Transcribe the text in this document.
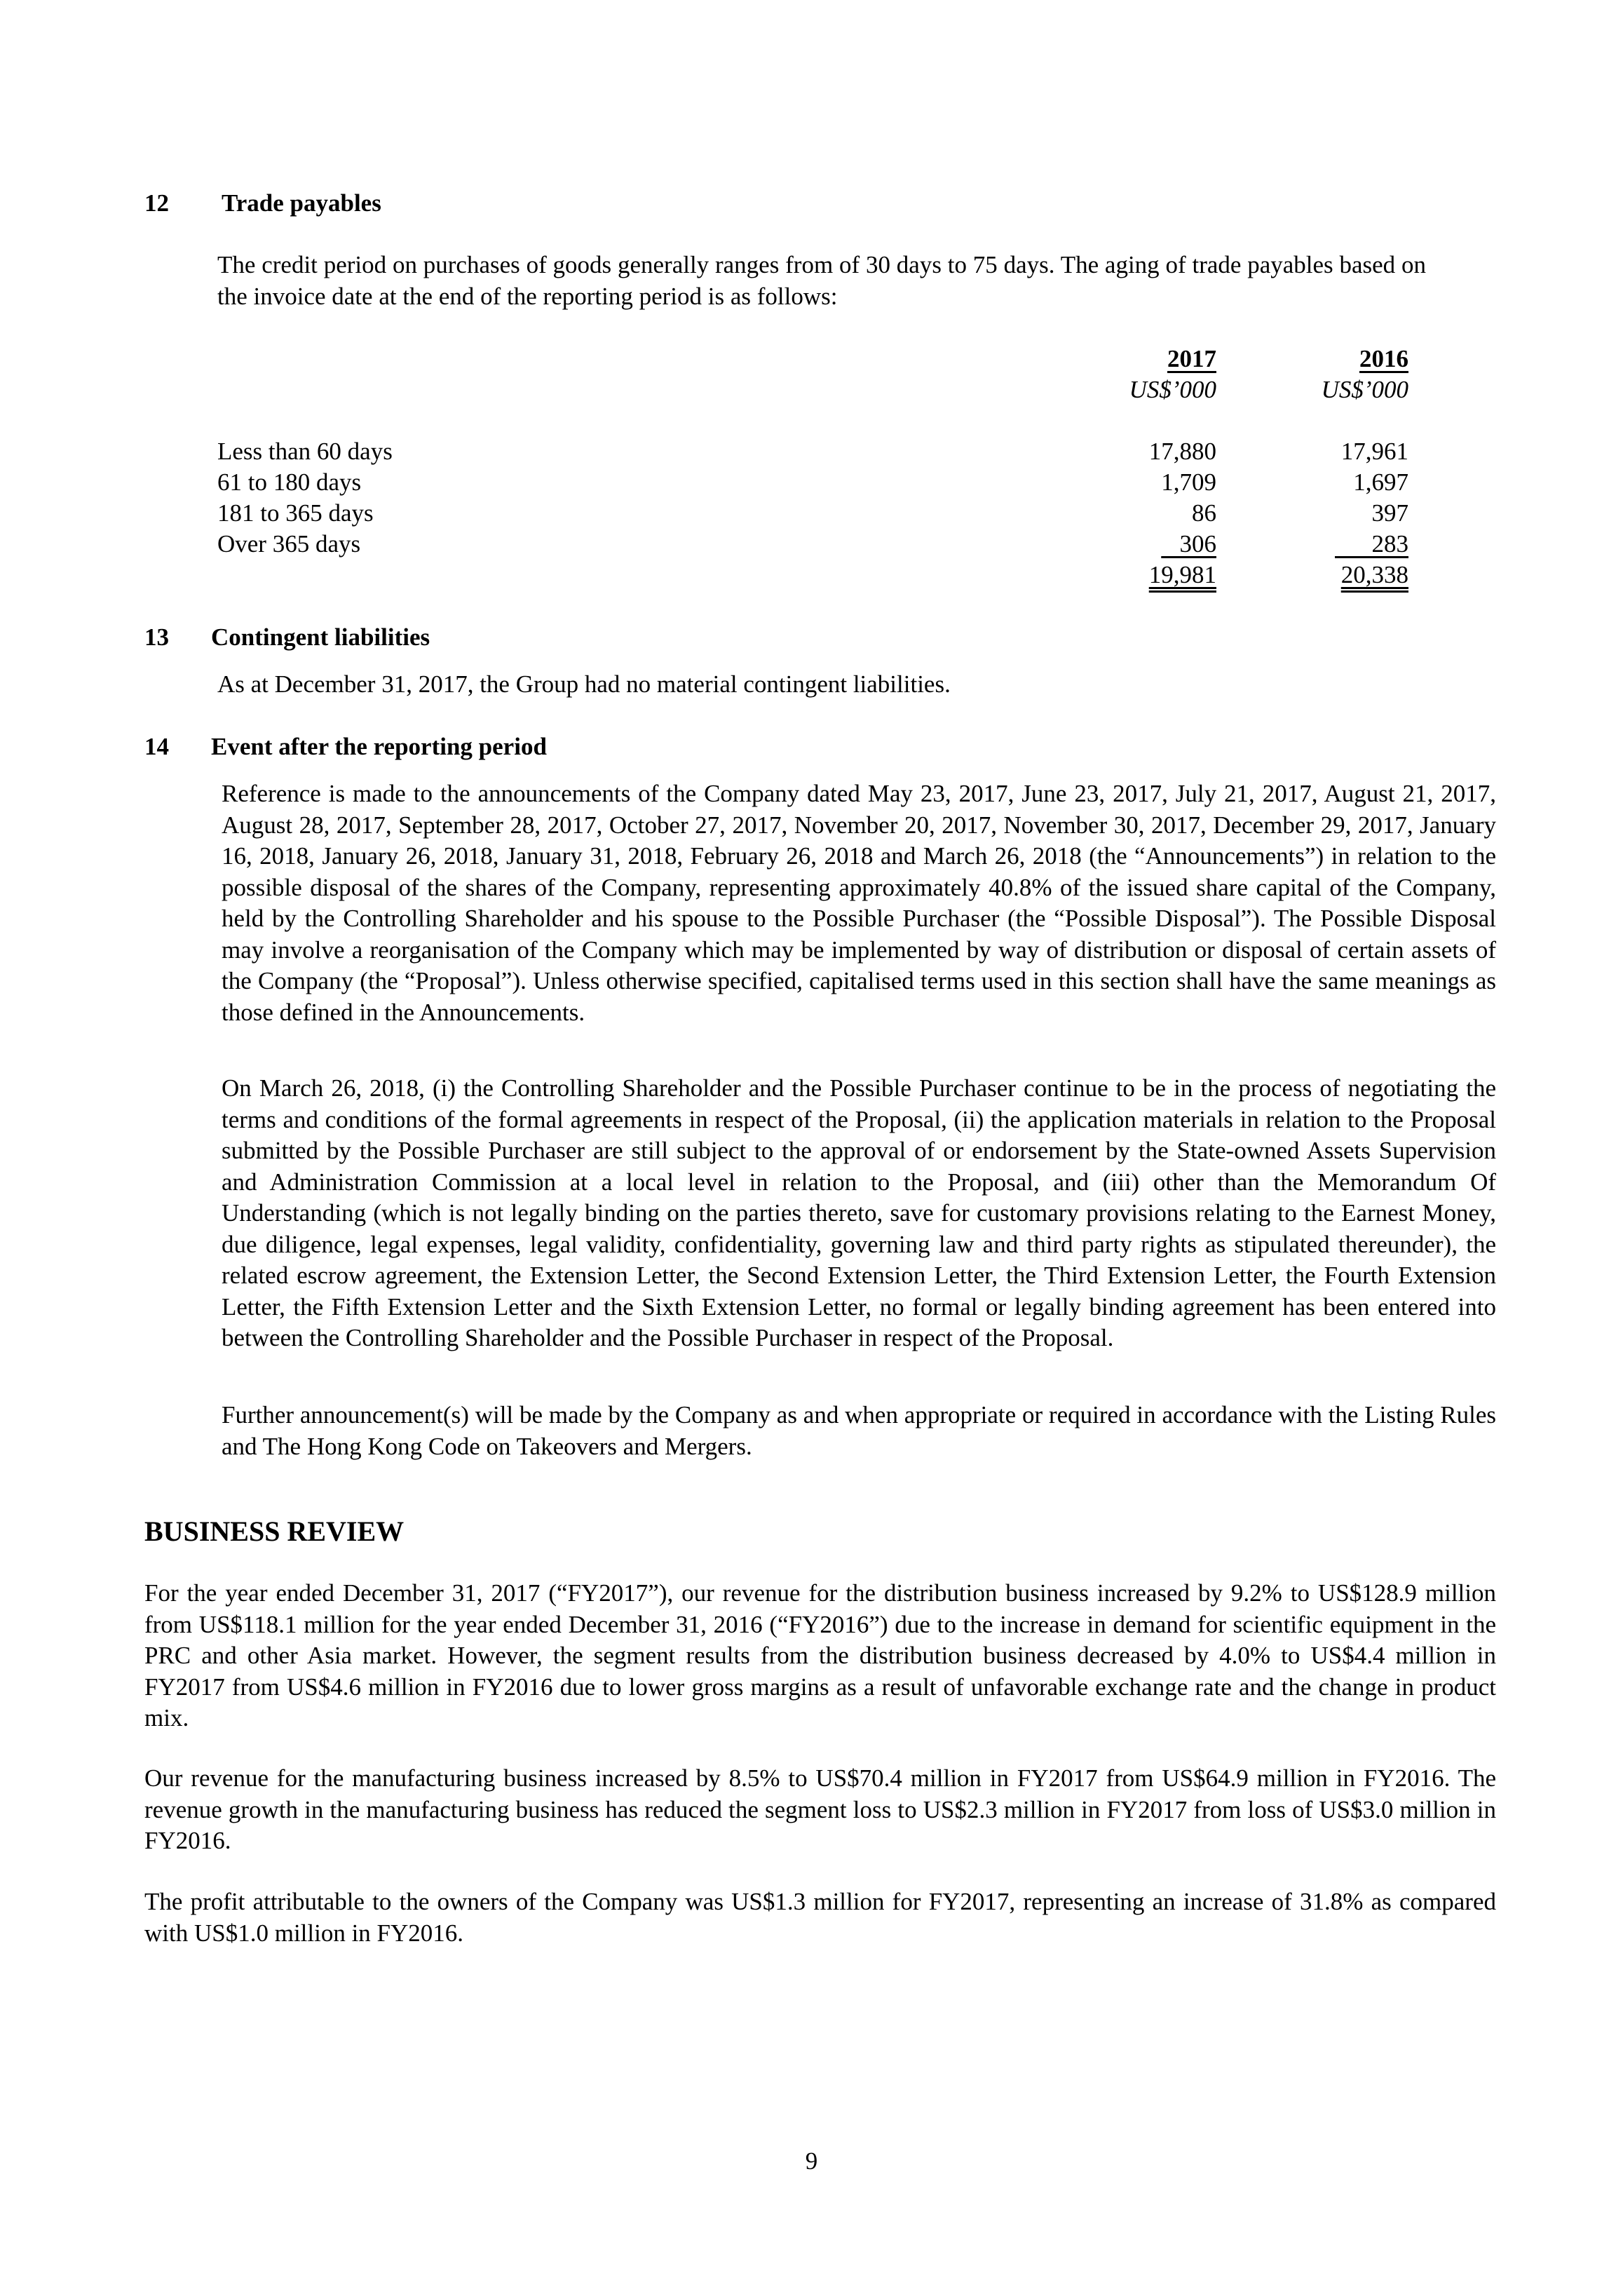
12 Trade payables
The credit period on purchases of goods generally ranges from of 30 days to 75 days. The aging of trade payables based on the invoice date at the end of the reporting period is as follows:
2017	2016
US$’000	US$’000
Less than 60 days	17,880	17,961
61 to 180 days	1,709	1,697
181 to 365 days	86	397
Over 365 days	306	283
19,981	20,338
13 Contingent liabilities
As at December 31, 2017, the Group had no material contingent liabilities.
14 Event after the reporting period
Reference is made to the announcements of the Company dated May 23, 2017, June 23, 2017, July 21, 2017, August 21, 2017, August 28, 2017, September 28, 2017, October 27, 2017, November 20, 2017, November 30, 2017, December 29, 2017, January 16, 2018, January 26, 2018, January 31, 2018, February 26, 2018 and March 26, 2018 (the “Announcements”) in relation to the possible disposal of the shares of the Company, representing approximately 40.8% of the issued share capital of the Company, held by the Controlling Shareholder and his spouse to the Possible Purchaser (the “Possible Disposal”). The Possible Disposal may involve a reorganisation of the Company which may be implemented by way of distribution or disposal of certain assets of the Company (the “Proposal”). Unless otherwise specified, capitalised terms used in this section shall have the same meanings as those defined in the Announcements.
On March 26, 2018, (i) the Controlling Shareholder and the Possible Purchaser continue to be in the process of negotiating the terms and conditions of the formal agreements in respect of the Proposal, (ii) the application materials in relation to the Proposal submitted by the Possible Purchaser are still subject to the approval of or endorsement by the State-owned Assets Supervision and Administration Commission at a local level in relation to the Proposal, and (iii) other than the Memorandum Of Understanding (which is not legally binding on the parties thereto, save for customary provisions relating to the Earnest Money, due diligence, legal expenses, legal validity, confidentiality, governing law and third party rights as stipulated thereunder), the related escrow agreement, the Extension Letter, the Second Extension Letter, the Third Extension Letter, the Fourth Extension Letter, the Fifth Extension Letter and the Sixth Extension Letter, no formal or legally binding agreement has been entered into between the Controlling Shareholder and the Possible Purchaser in respect of the Proposal.
Further announcement(s) will be made by the Company as and when appropriate or required in accordance with the Listing Rules and The Hong Kong Code on Takeovers and Mergers.
BUSINESS REVIEW
For the year ended December 31, 2017 (“FY2017”), our revenue for the distribution business increased by 9.2% to US$128.9 million from US$118.1 million for the year ended December 31, 2016 (“FY2016”) due to the increase in demand for scientific equipment in the PRC and other Asia market. However, the segment results from the distribution business decreased by 4.0% to US$4.4 million in FY2017 from US$4.6 million in FY2016 due to lower gross margins as a result of unfavorable exchange rate and the change in product mix.
Our revenue for the manufacturing business increased by 8.5% to US$70.4 million in FY2017 from US$64.9 million in FY2016. The revenue growth in the manufacturing business has reduced the segment loss to US$2.3 million in FY2017 from loss of US$3.0 million in FY2016.
The profit attributable to the owners of the Company was US$1.3 million for FY2017, representing an increase of 31.8% as compared with US$1.0 million in FY2016.
9
